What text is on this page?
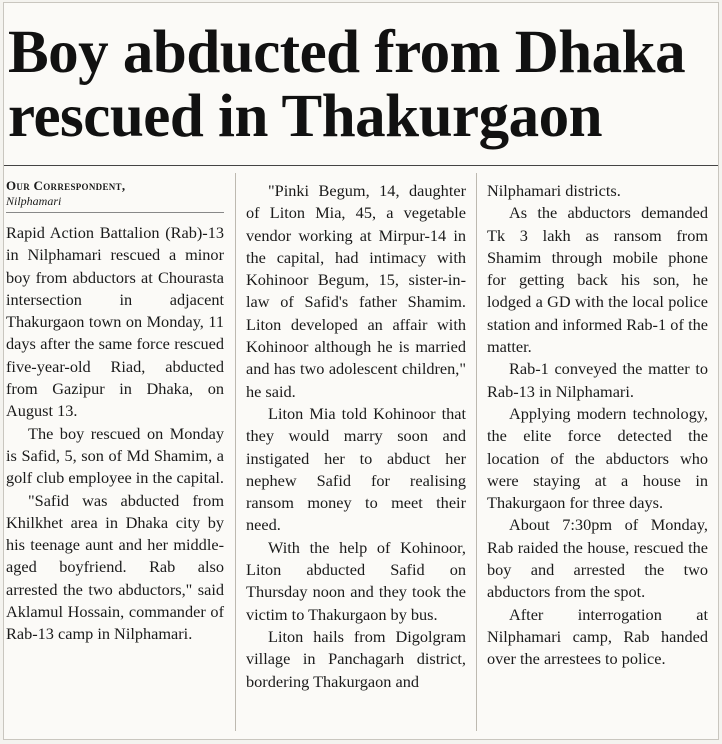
Boy abducted from Dhaka rescued in Thakurgaon
Our Correspondent,
Nilphamari

Rapid Action Battalion (Rab)-13 in Nilphamari rescued a minor boy from abductors at Chourasta intersection in adjacent Thakurgaon town on Monday, 11 days after the same force rescued five-year-old Riad, abducted from Gazipur in Dhaka, on August 13.

The boy rescued on Monday is Safid, 5, son of Md Shamim, a golf club employee in the capital.

"Safid was abducted from Khilkhet area in Dhaka city by his teenage aunt and her middle-aged boyfriend. Rab also arrested the two abductors," said Aklamul Hossain, commander of Rab-13 camp in Nilphamari.

"Pinki Begum, 14, daughter of Liton Mia, 45, a vegetable vendor working at Mirpur-14 in the capital, had intimacy with Kohinoor Begum, 15, sister-in-law of Safid's father Shamim. Liton developed an affair with Kohinoor although he is married and has two adolescent children," he said.

Liton Mia told Kohinoor that they would marry soon and instigated her to abduct her nephew Safid for realising ransom money to meet their need.

With the help of Kohinoor, Liton abducted Safid on Thursday noon and they took the victim to Thakurgaon by bus.

Liton hails from Digolgram village in Panchagarh district, bordering Thakurgaon and

Nilphamari districts.

As the abductors demanded Tk 3 lakh as ransom from Shamim through mobile phone for getting back his son, he lodged a GD with the local police station and informed Rab-1 of the matter.

Rab-1 conveyed the matter to Rab-13 in Nilphamari.

Applying modern technology, the elite force detected the location of the abductors who were staying at a house in Thakurgaon for three days.

About 7:30pm of Monday, Rab raided the house, rescued the boy and arrested the two abductors from the spot.

After interrogation at Nilphamari camp, Rab handed over the arrestees to police.
